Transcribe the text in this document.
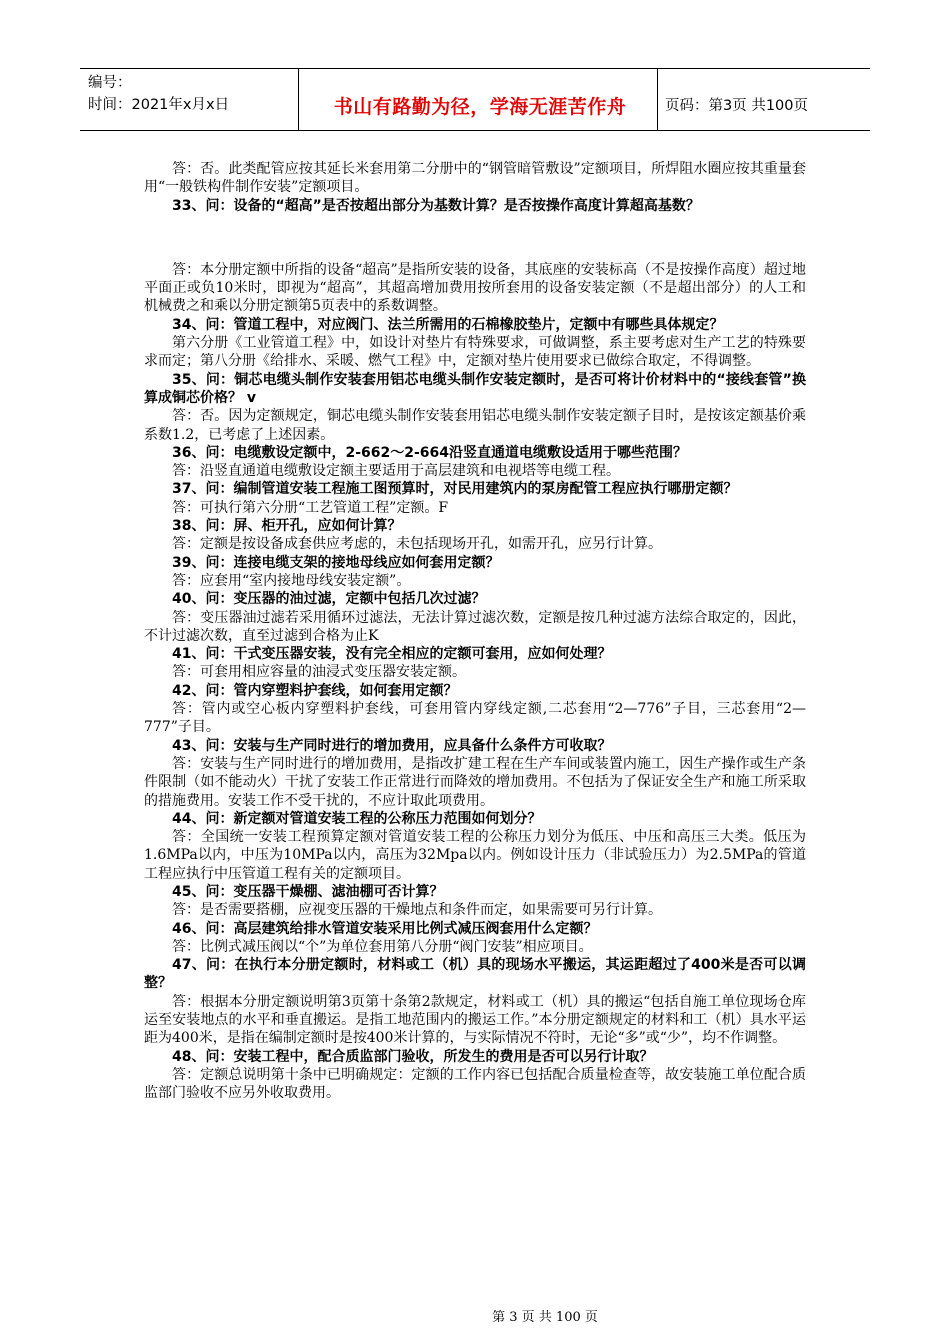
编号：
时间：2021年x月x日	书山有路勤为径，学海无涯苦作舟	页码：第3页 共100页

答：否。此类配管应按其延长米套用第二分册中的“钢管暗管敷设”定额项目，所焊阻水圈应按其重量套用“一般铁构件制作安装”定额项目。

33、问：设备的“超高”是否按超出部分为基数计算？是否按操作高度计算超高基数？

答：本分册定额中所指的设备“超高”是指所安装的设备，其底座的安装标高（不是按操作高度）超过地平面正或负10米时，即视为“超高”，其超高增加费用按所套用的设备安装定额（不是超出部分）的人工和机械费之和乘以分册定额第5页表中的系数调整。

34、问：管道工程中，对应阀门、法兰所需用的石棉橡胶垫片，定额中有哪些具体规定？

第六分册《工业管道工程》中，如设计对垫片有特殊要求，可做调整，系主要考虑对生产工艺的特殊要求而定；第八分册《给排水、采暖、燃气工程》中，定额对垫片使用要求已做综合取定，不得调整。

35、问：铜芯电缆头制作安装套用铝芯电缆头制作安装定额时，是否可将计价材料中的“接线套管”换算成铜芯价格？ v

答：否。因为定额规定，铜芯电缆头制作安装套用铝芯电缆头制作安装定额子目时，是按该定额基价乘系数1.2，已考虑了上述因素。

36、问：电缆敷设定额中，2-662～2-664沿竖直通道电缆敷设适用于哪些范围？

答：沿竖直通道电缆敷设定额主要适用于高层建筑和电视塔等电缆工程。

37、问：编制管道安装工程施工图预算时，对民用建筑内的泵房配管工程应执行哪册定额？

答：可执行第六分册“工艺管道工程”定额。F

38、问：屏、柜开孔，应如何计算？

答：定额是按设备成套供应考虑的，未包括现场开孔，如需开孔，应另行计算。

39、问：连接电缆支架的接地母线应如何套用定额？

答：应套用“室内接地母线安装定额”。

40、问：变压器的油过滤，定额中包括几次过滤？

答：变压器油过滤若采用循环过滤法，无法计算过滤次数，定额是按几种过滤方法综合取定的，因此，不计过滤次数，直至过滤到合格为止K

41、问：干式变压器安装，没有完全相应的定额可套用，应如何处理？

答：可套用相应容量的油浸式变压器安装定额。

42、问：管内穿塑料护套线，如何套用定额？

答：管内或空心板内穿塑料护套线，可套用管内穿线定额,二芯套用“2—776”子目，三芯套用“2—777”子目。

43、问：安装与生产同时进行的增加费用，应具备什么条件方可收取？

答：安装与生产同时进行的增加费用，是指改扩建工程在生产车间或装置内施工，因生产操作或生产条件限制（如不能动火）干扰了安装工作正常进行而降效的增加费用。不包括为了保证安全生产和施工所采取的措施费用。安装工作不受干扰的，不应计取此项费用。

44、问：新定额对管道安装工程的公称压力范围如何划分？

答：全国统一安装工程预算定额对管道安装工程的公称压力划分为低压、中压和高压三大类。低压为1.6MPa以内，中压为10MPa以内，高压为32Mpa以内。例如设计压力（非试验压力）为2.5MPa的管道工程应执行中压管道工程有关的定额项目。

45、问：变压器干燥棚、滤油棚可否计算？

答：是否需要搭棚，应视变压器的干燥地点和条件而定，如果需要可另行计算。

46、问：高层建筑给排水管道安装采用比例式减压阀套用什么定额？

答：比例式减压阀以“个”为单位套用第八分册“阀门安装”相应项目。

47、问：在执行本分册定额时，材料或工（机）具的现场水平搬运，其运距超过了400米是否可以调整？

答：根据本分册定额说明第3页第十条第2款规定，材料或工（机）具的搬运“包括自施工单位现场仓库运至安装地点的水平和垂直搬运。是指工地范围内的搬运工作。”本分册定额规定的材料和工（机）具水平运距为400米，是指在编制定额时是按400米计算的，与实际情况不符时，无论“多”或“少”，均不作调整。

48、问：安装工程中，配合质监部门验收，所发生的费用是否可以另行计取？

答：定额总说明第十条中已明确规定：定额的工作内容已包括配合质量检查等，故安装施工单位配合质监部门验收不应另外收取费用。

第 3 页 共 100 页
